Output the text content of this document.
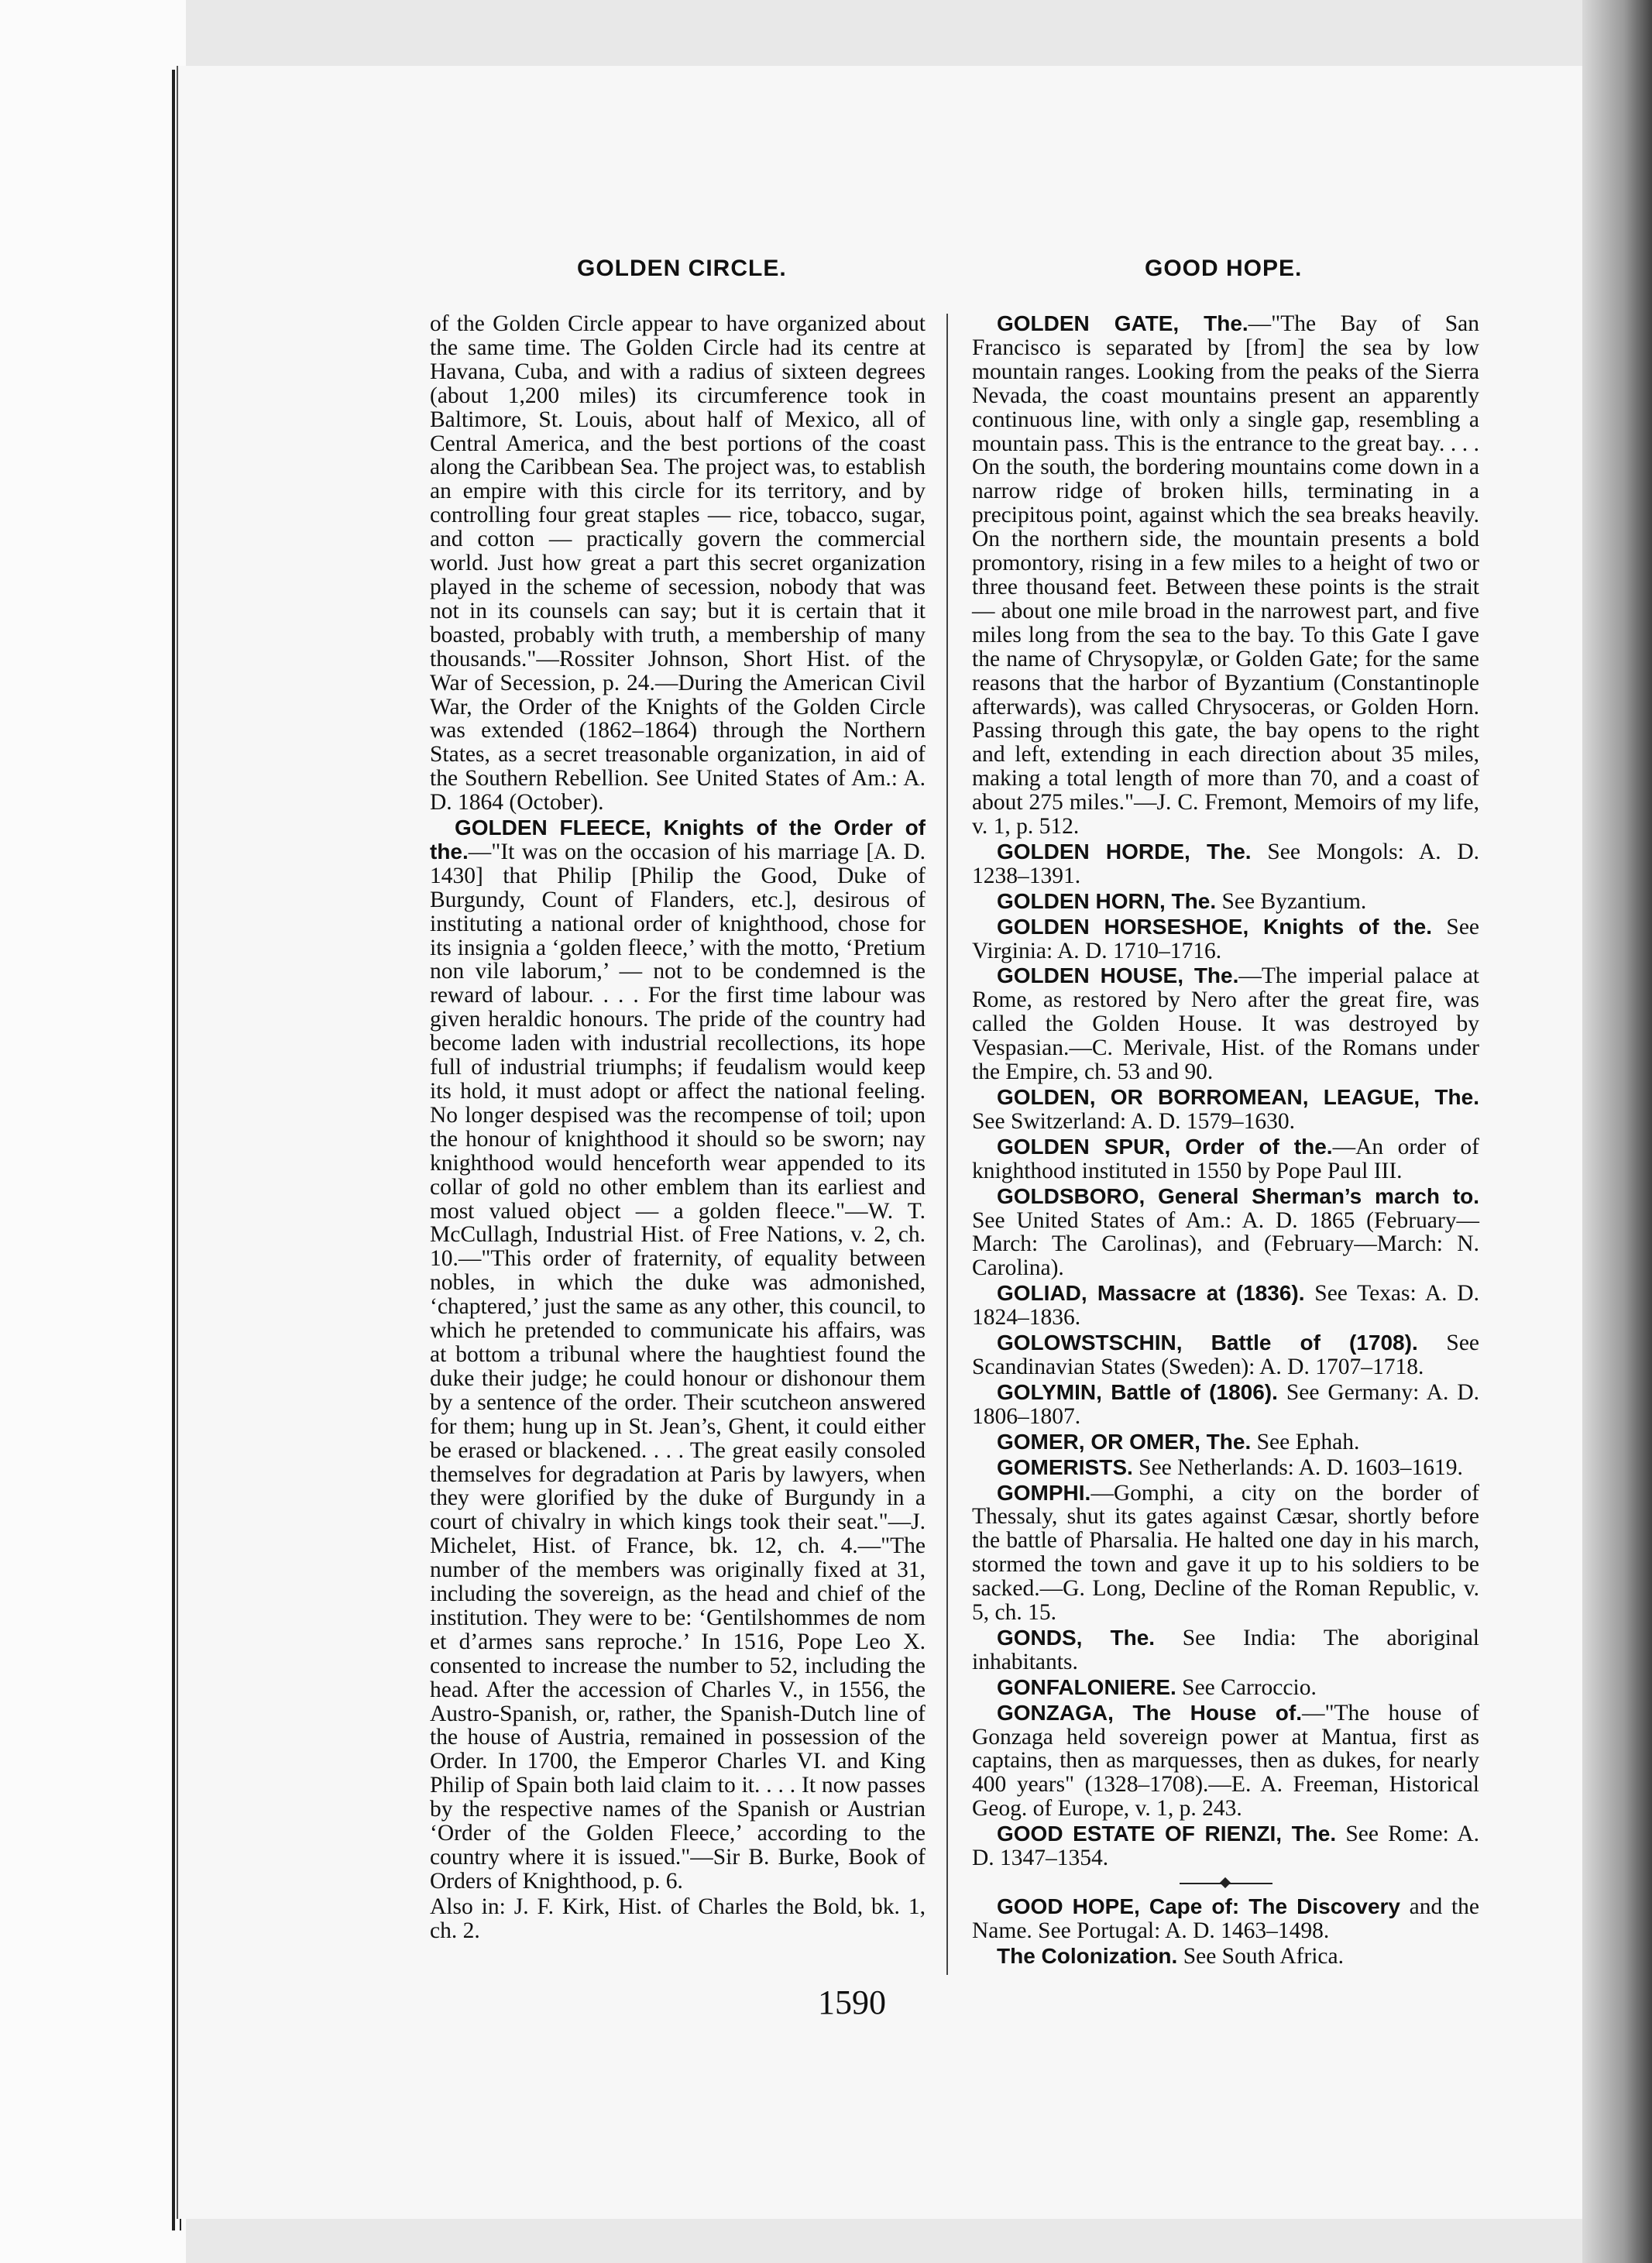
GOLDEN CIRCLE.	GOOD HOPE.

of the Golden Circle appear to have organized about the same time. The Golden Circle had its centre at Havana, Cuba, and with a radius of sixteen degrees (about 1,200 miles) its circumference took in Baltimore, St. Louis, about half of Mexico, all of Central America, and the best portions of the coast along the Caribbean Sea. The project was, to establish an empire with this circle for its territory, and by controlling four great staples — rice, tobacco, sugar, and cotton — practically govern the commercial world. Just how great a part this secret organization played in the scheme of secession, nobody that was not in its counsels can say; but it is certain that it boasted, probably with truth, a membership of many thousands."—Rossiter Johnson, Short Hist. of the War of Secession, p. 24.—During the American Civil War, the Order of the Knights of the Golden Circle was extended (1862–1864) through the Northern States, as a secret treasonable organization, in aid of the Southern Rebellion. See United States of Am.: A. D. 1864 (October).

GOLDEN FLEECE, Knights of the Order of the.—"It was on the occasion of his marriage [A. D. 1430] that Philip [Philip the Good, Duke of Burgundy, Count of Flanders, etc.], desirous of instituting a national order of knighthood, chose for its insignia a ‘golden fleece,’ with the motto, ‘Pretium non vile laborum,’ — not to be condemned is the reward of labour. . . . For the first time labour was given heraldic honours. The pride of the country had become laden with industrial recollections, its hope full of industrial triumphs; if feudalism would keep its hold, it must adopt or affect the national feeling. No longer despised was the recompense of toil; upon the honour of knighthood it should so be sworn; nay knighthood would henceforth wear appended to its collar of gold no other emblem than its earliest and most valued object — a golden fleece."—W. T. McCullagh, Industrial Hist. of Free Nations, v. 2, ch. 10.—"This order of fraternity, of equality between nobles, in which the duke was admonished, ‘chaptered,’ just the same as any other, this council, to which he pretended to communicate his affairs, was at bottom a tribunal where the haughtiest found the duke their judge; he could honour or dishonour them by a sentence of the order. Their scutcheon answered for them; hung up in St. Jean’s, Ghent, it could either be erased or blackened. . . . The great easily consoled themselves for degradation at Paris by lawyers, when they were glorified by the duke of Burgundy in a court of chivalry in which kings took their seat."—J. Michelet, Hist. of France, bk. 12, ch. 4.—"The number of the members was originally fixed at 31, including the sovereign, as the head and chief of the institution. They were to be: ‘Gentilshommes de nom et d’armes sans reproche.’ In 1516, Pope Leo X. consented to increase the number to 52, including the head. After the accession of Charles V., in 1556, the Austro-Spanish, or, rather, the Spanish-Dutch line of the house of Austria, remained in possession of the Order. In 1700, the Emperor Charles VI. and King Philip of Spain both laid claim to it. . . . It now passes by the respective names of the Spanish or Austrian ‘Order of the Golden Fleece,’ according to the country where it is issued."—Sir B. Burke, Book of Orders of Knighthood, p. 6.

Also in: J. F. Kirk, Hist. of Charles the Bold, bk. 1, ch. 2.

GOLDEN GATE, The.—"The Bay of San Francisco is separated by [from] the sea by low mountain ranges. Looking from the peaks of the Sierra Nevada, the coast mountains present an apparently continuous line, with only a single gap, resembling a mountain pass. This is the entrance to the great bay. . . . On the south, the bordering mountains come down in a narrow ridge of broken hills, terminating in a precipitous point, against which the sea breaks heavily. On the northern side, the mountain presents a bold promontory, rising in a few miles to a height of two or three thousand feet. Between these points is the strait — about one mile broad in the narrowest part, and five miles long from the sea to the bay. To this Gate I gave the name of Chrysopylæ, or Golden Gate; for the same reasons that the harbor of Byzantium (Constantinople afterwards), was called Chrysoceras, or Golden Horn. Passing through this gate, the bay opens to the right and left, extending in each direction about 35 miles, making a total length of more than 70, and a coast of about 275 miles."—J. C. Fremont, Memoirs of my life, v. 1, p. 512.

GOLDEN HORDE, The. See Mongols: A. D. 1238–1391.

GOLDEN HORN, The. See Byzantium.

GOLDEN HORSESHOE, Knights of the. See Virginia: A. D. 1710–1716.

GOLDEN HOUSE, The.—The imperial palace at Rome, as restored by Nero after the great fire, was called the Golden House. It was destroyed by Vespasian.—C. Merivale, Hist. of the Romans under the Empire, ch. 53 and 90.

GOLDEN, OR BORROMEAN, LEAGUE, The. See Switzerland: A. D. 1579–1630.

GOLDEN SPUR, Order of the.—An order of knighthood instituted in 1550 by Pope Paul III.

GOLDSBORO, General Sherman’s march to. See United States of Am.: A. D. 1865 (February—March: The Carolinas), and (February—March: N. Carolina).

GOLIAD, Massacre at (1836). See Texas: A. D. 1824–1836.

GOLOWSTSCHIN, Battle of (1708). See Scandinavian States (Sweden): A. D. 1707–1718.

GOLYMIN, Battle of (1806). See Germany: A. D. 1806–1807.

GOMER, OR OMER, The. See Ephah.

GOMERISTS. See Netherlands: A. D. 1603–1619.

GOMPHI.—Gomphi, a city on the border of Thessaly, shut its gates against Cæsar, shortly before the battle of Pharsalia. He halted one day in his march, stormed the town and gave it up to his soldiers to be sacked.—G. Long, Decline of the Roman Republic, v. 5, ch. 15.

GONDS, The. See India: The aboriginal inhabitants.

GONFALONIERE. See Carroccio.

GONZAGA, The House of.—"The house of Gonzaga held sovereign power at Mantua, first as captains, then as marquesses, then as dukes, for nearly 400 years" (1328–1708).—E. A. Freeman, Historical Geog. of Europe, v. 1, p. 243.

GOOD ESTATE OF RIENZI, The. See Rome: A. D. 1347–1354.

GOOD HOPE, Cape of: The Discovery and the Name. See Portugal: A. D. 1463–1498.

The Colonization. See South Africa.

1590
